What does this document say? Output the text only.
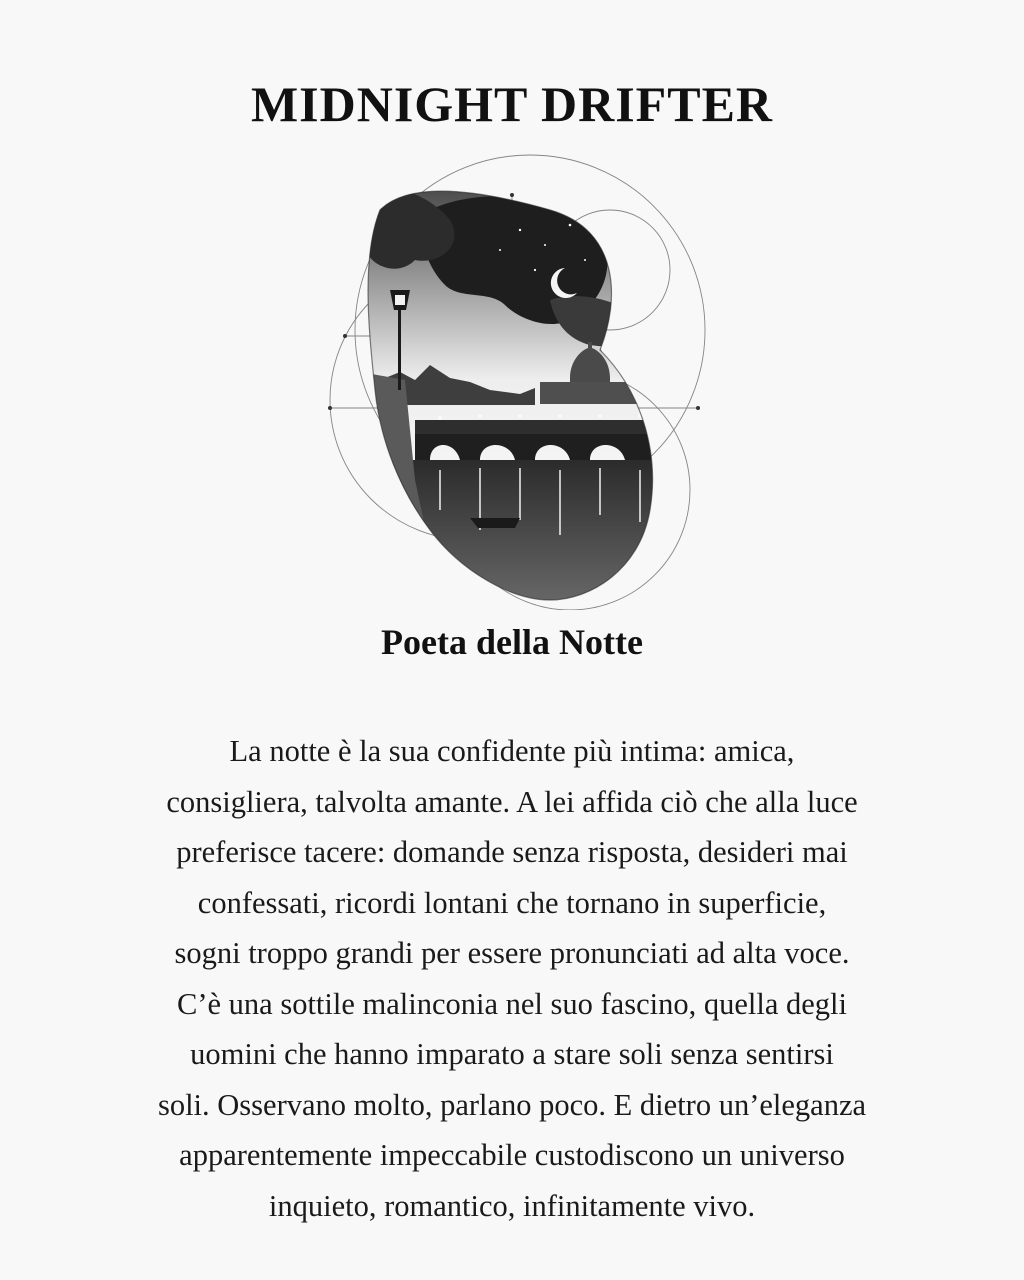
MIDNIGHT DRIFTER
Poeta della Notte

La notte è la sua confidente più intima: amica,
consigliera, talvolta amante. A lei affida ciò che alla luce
preferisce tacere: domande senza risposta, desideri mai
confessati, ricordi lontani che tornano in superficie,
sogni troppo grandi per essere pronunciati ad alta voce.
C’è una sottile malinconia nel suo fascino, quella degli
uomini che hanno imparato a stare soli senza sentirsi
soli. Osservano molto, parlano poco. E dietro un’eleganza
apparentemente impeccabile custodiscono un universo
inquieto, romantico, infinitamente vivo.
